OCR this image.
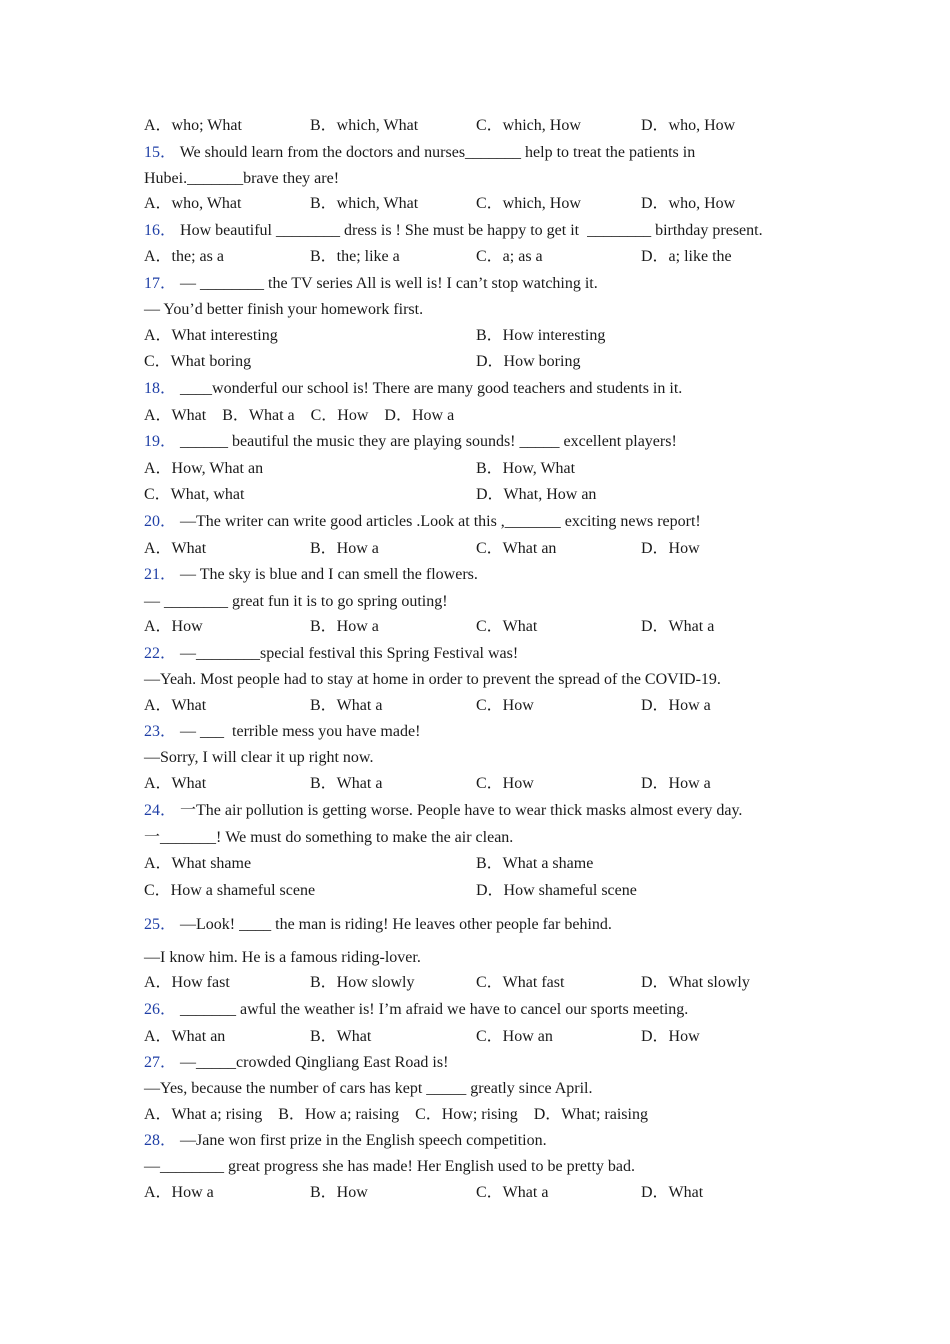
A．who; What	B．which, What	C．which, How	D．who, How
15． We should learn from the doctors and nurses_______ help to treat the patients in
Hubei._______brave they are!
A．who, What	B．which, What	C．which, How	D．who, How
16． How beautiful ________ dress is ! She must be happy to get it  ________ birthday present.
A．the; as a	B．the; like a	C．a; as a	D．a; like the
17． — ________ the TV series All is well is! I can’t stop watching it.
— You’d better finish your homework first.
A．What interesting	B．How interesting
C．What boring	D．How boring
18． ____wonderful our school is! There are many good teachers and students in it.
A．What    B．What a    C．How    D．How a
19． ______ beautiful the music they are playing sounds! _____ excellent players!
A．How, What an	B．How, What
C．What, what	D．What, How an
20． —The writer can write good articles .Look at this ,_______ exciting news report!
A．What	B．How a	C．What an	D．How
21． — The sky is blue and I can smell the flowers.
— ________ great fun it is to go spring outing!
A．How	B．How a	C．What	D．What a
22． —________special festival this Spring Festival was!
—Yeah. Most people had to stay at home in order to prevent the spread of the COVID-19.
A．What	B．What a	C．How	D．How a
23． — ___  terrible mess you have made!
—Sorry, I will clear it up right now.
A．What	B．What a	C．How	D．How a
24． 一The air pollution is getting worse. People have to wear thick masks almost every day.
一_______! We must do something to make the air clean.
A．What shame	B．What a shame
C．How a shameful scene	D．How shameful scene
25． —Look! ____ the man is riding! He leaves other people far behind.
—I know him. He is a famous riding-lover.
A．How fast	B．How slowly	C．What fast	D．What slowly
26． _______ awful the weather is! I’m afraid we have to cancel our sports meeting.
A．What an	B．What	C．How an	D．How
27． —_____crowded Qingliang East Road is!
—Yes, because the number of cars has kept _____ greatly since April.
A．What a; rising    B．How a; raising    C．How; rising    D．What; raising
28． —Jane won first prize in the English speech competition.
—________ great progress she has made! Her English used to be pretty bad.
A．How a	B．How	C．What a	D．What
